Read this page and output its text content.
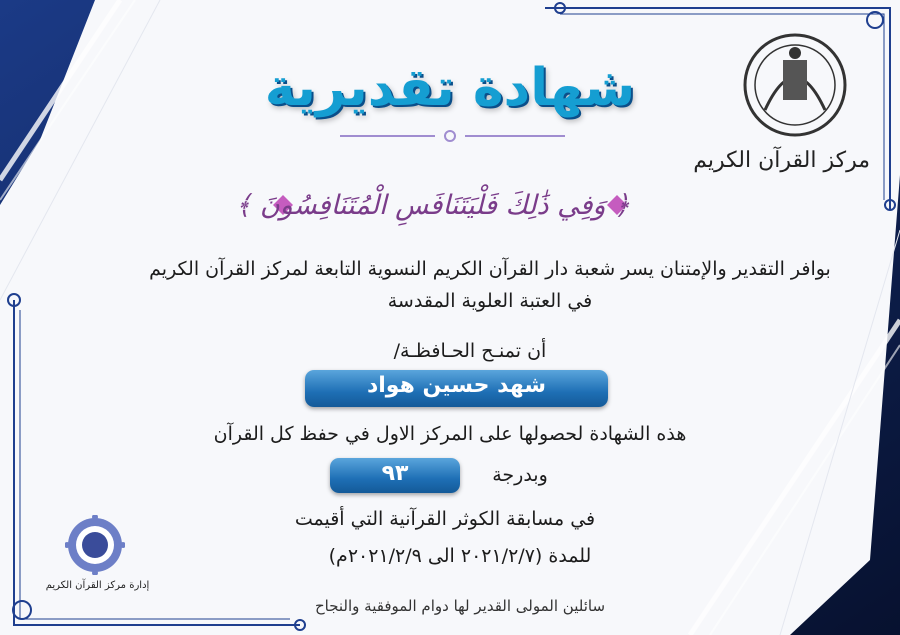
مركز القرآن الكريم
إدارة مركز القرآن الكريم
شهادة تقديرية
﴿ وَفِي ذَٰلِكَ فَلْيَتَنَافَسِ الْمُتَنَافِسُونَ ﴾
بوافر التقدير والإمتنان يسر شعبة دار القرآن الكريم النسوية التابعة لمركز القرآن الكريم
في العتبة العلوية المقدسة
أن تمنـح الحـافظـة/
شهد حسين هواد
هذه الشهادة لحصولها على المركز الاول في حفظ كل القرآن
٩٣	وبدرجة
في مسابقة الكوثر القرآنية التي أقيمت
للمدة (٢٠٢١/٢/٧ الى ٢٠٢١/٢/٩م)
سائلين المولى القدير لها دوام الموفقية والنجاح
